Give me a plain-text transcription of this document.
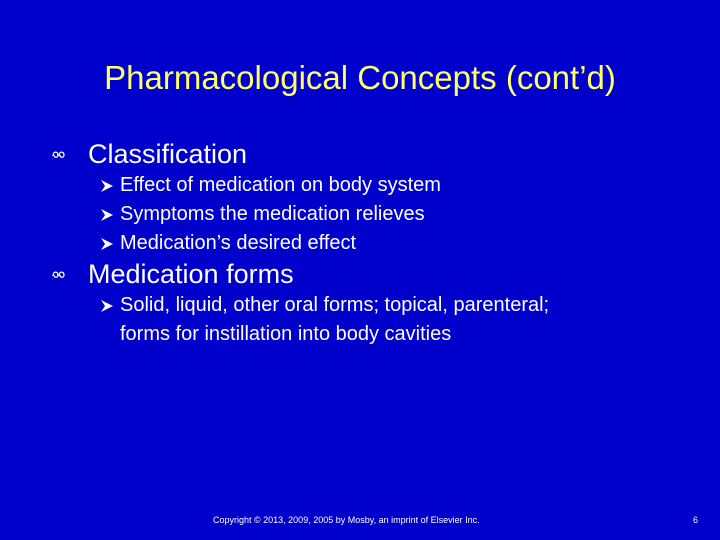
Pharmacological Concepts (cont’d)
Classification
Effect of medication on body system
Symptoms the medication relieves
Medication’s desired effect
Medication forms
Solid, liquid, other oral forms; topical, parenteral;
forms for instillation into body cavities
Copyright © 2013, 2009, 2005 by Mosby, an imprint of Elsevier Inc.	6
